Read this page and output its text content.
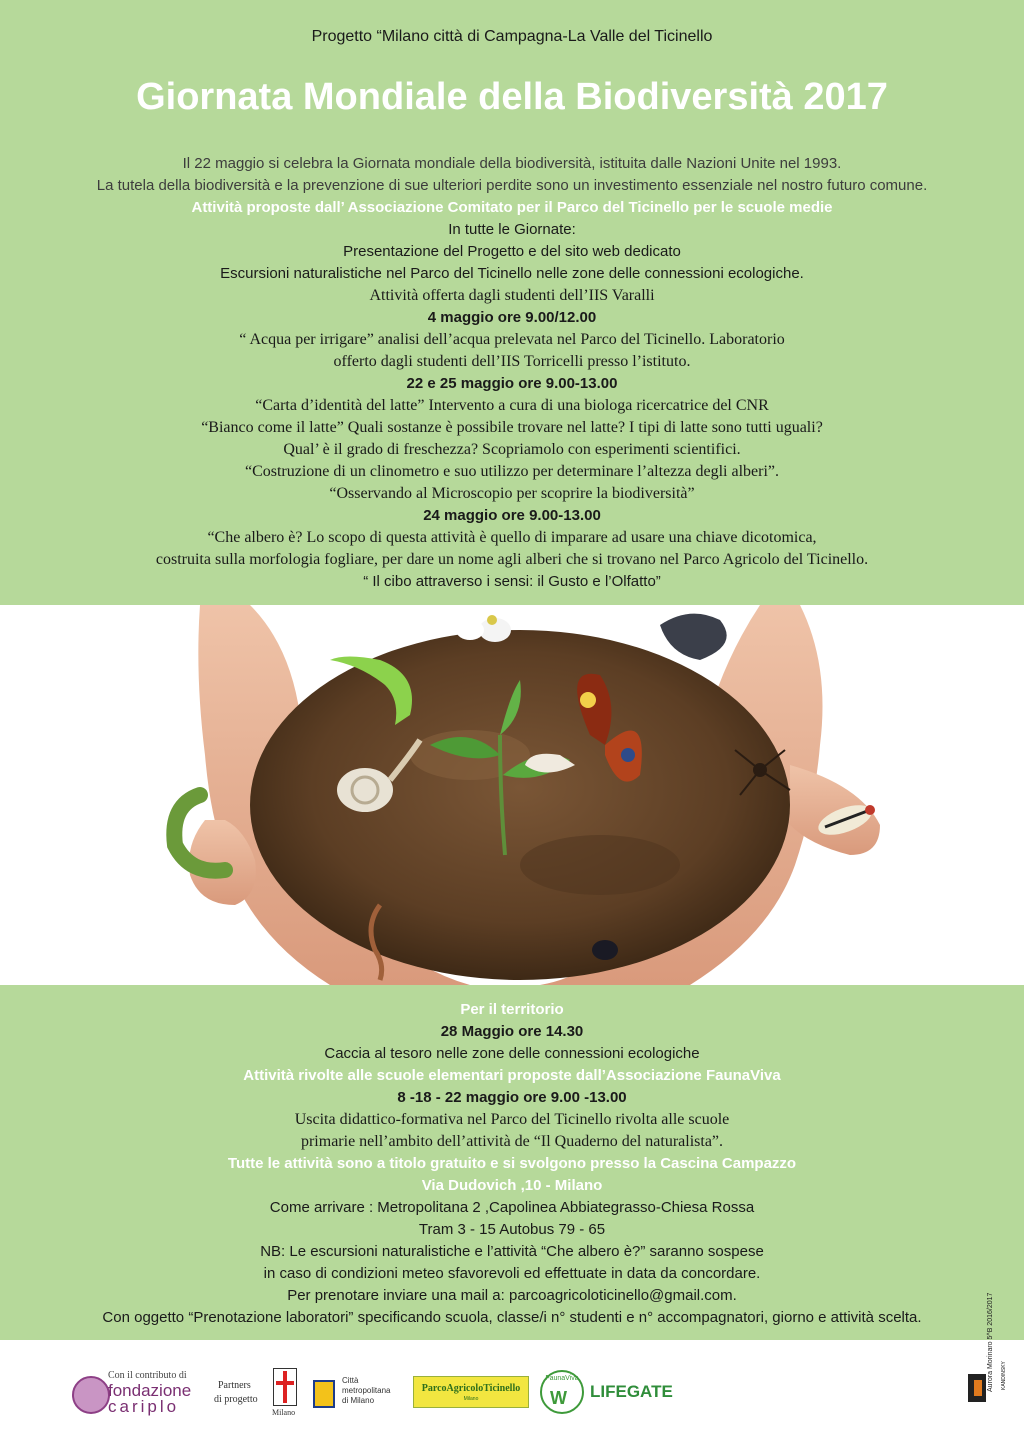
Progetto “Milano città di Campagna-La Valle del Ticinello
Giornata Mondiale della Biodiversità 2017
Il 22 maggio si celebra la Giornata mondiale della biodiversità, istituita dalle Nazioni Unite nel 1993.
La tutela della biodiversità e la prevenzione di sue ulteriori perdite sono un investimento essenziale nel nostro futuro comune.
Attività proposte dall’ Associazione Comitato per il Parco del Ticinello per le scuole medie
In tutte le Giornate:
Presentazione del Progetto e del sito web dedicato
Escursioni naturalistiche nel Parco del Ticinello nelle zone delle connessioni ecologiche.
Attività offerta dagli studenti dell’IIS Varalli
4 maggio ore 9.00/12.00
“ Acqua per irrigare” analisi dell’acqua prelevata nel Parco del Ticinello. Laboratorio
offerto dagli studenti dell’IIS Torricelli presso l’istituto.
22 e 25 maggio ore 9.00-13.00
“Carta d’identità del latte” Intervento a cura di una biologa ricercatrice del CNR
“Bianco come il latte” Quali sostanze è possibile trovare nel latte? I tipi di latte sono tutti uguali?
Qual’ è il grado di freschezza? Scopriamolo con esperimenti scientifici.
“Costruzione di un clinometro e suo utilizzo per determinare l’altezza degli alberi”.
“Osservando al Microscopio per scoprire la biodiversità”
24 maggio ore 9.00-13.00
“Che albero è? Lo scopo di questa attività è quello di imparare ad usare una chiave dicotomica,
costruita sulla morfologia fogliare, per dare un nome agli alberi che si trovano nel Parco Agricolo del Ticinello.
“ Il cibo attraverso i sensi: il Gusto e l’Olfatto”
Per il territorio
28 Maggio ore 14.30
Caccia al tesoro nelle zone delle connessioni ecologiche
Attività rivolte alle scuole elementari proposte dall’Associazione FaunaViva
8 -18 - 22 maggio ore 9.00 -13.00
Uscita didattico-formativa nel Parco del Ticinello rivolta alle scuole
primarie nell’ambito dell’attività de “Il Quaderno del naturalista”.
Tutte le attività sono a titolo gratuito e si svolgono presso la Cascina Campazzo
Via Dudovich ,10 - Milano
Come arrivare : Metropolitana 2 ,Capolinea Abbiategrasso-Chiesa Rossa
Tram 3 - 15 Autobus 79 - 65
NB: Le escursioni naturalistiche e l’attività “Che albero è?” saranno sospese
in caso di condizioni meteo sfavorevoli ed effettuate in data da concordare.
Per prenotare inviare una mail a: parcoagricoloticinello@gmail.com.
Con oggetto “Prenotazione laboratori” specificando scuola, classe/i n° studenti e n° accompagnatori, giorno e attività scelta.
Con il contributo di
fondazione
cariplo
Partners
di progetto
Milano
Città
metropolitana
di Milano
ParcoAgricoloTicinello
Milano
FaunaViva
W LIFEGATE	Aurora Morinaro 5^B 2016/2017 KANDINSKY
